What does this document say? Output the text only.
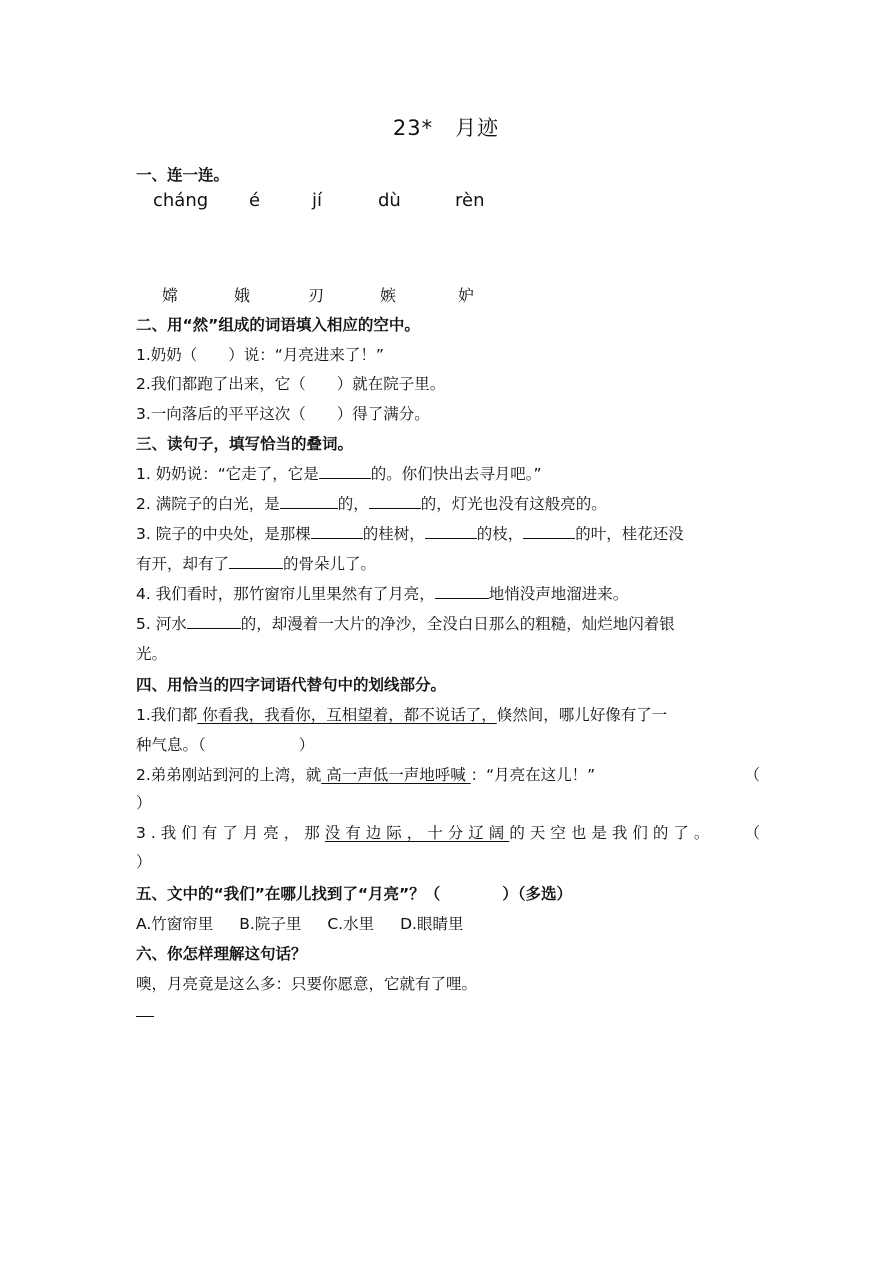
23*　月迹
一、连一连。
cháng é	jí	dù	rèn
嫦	娥	刃	嫉	妒
二、用“然”组成的词语填入相应的空中。
1.奶奶（　　）说：“月亮进来了！”
2.我们都跑了出来，它（　　）就在院子里。
3.一向落后的平平这次（　　）得了满分。
三、读句子，填写恰当的叠词。
1. 奶奶说：“它走了，它是	的。你们快出去寻月吧。”
2. 满院子的白光，是	的，	的，灯光也没有这般亮的。
3. 院子的中央处，是那棵	的桂树，	的枝，	的叶，桂花还没
有开，却有了	的骨朵儿了。
4. 我们看时，那竹窗帘儿里果然有了月亮，	地悄没声地溜进来。
5. 河水	的，却漫着一大片的净沙，全没白日那么的粗糙，灿烂地闪着银
光。
四、用恰当的四字词语代替句中的划线部分。
1.我们都 你看我，我看你，互相望着，都不说话了，倏然间，哪儿好像有了一
种气息。（　　　　　　）
2.弟弟刚站到河的上湾，就 高一声低一声地呼喊 ：“月亮在这儿！”	（
）
3.我们有了月亮，那没有边际，十分辽阔的天空也是我们的了。 （
）
五、文中的“我们”在哪儿找到了“月亮”？（　　　　）（多选）
A.竹窗帘里 B.院子里 C.水里 D.眼睛里
六、你怎样理解这句话？
噢，月亮竟是这么多：只要你愿意，它就有了哩。
